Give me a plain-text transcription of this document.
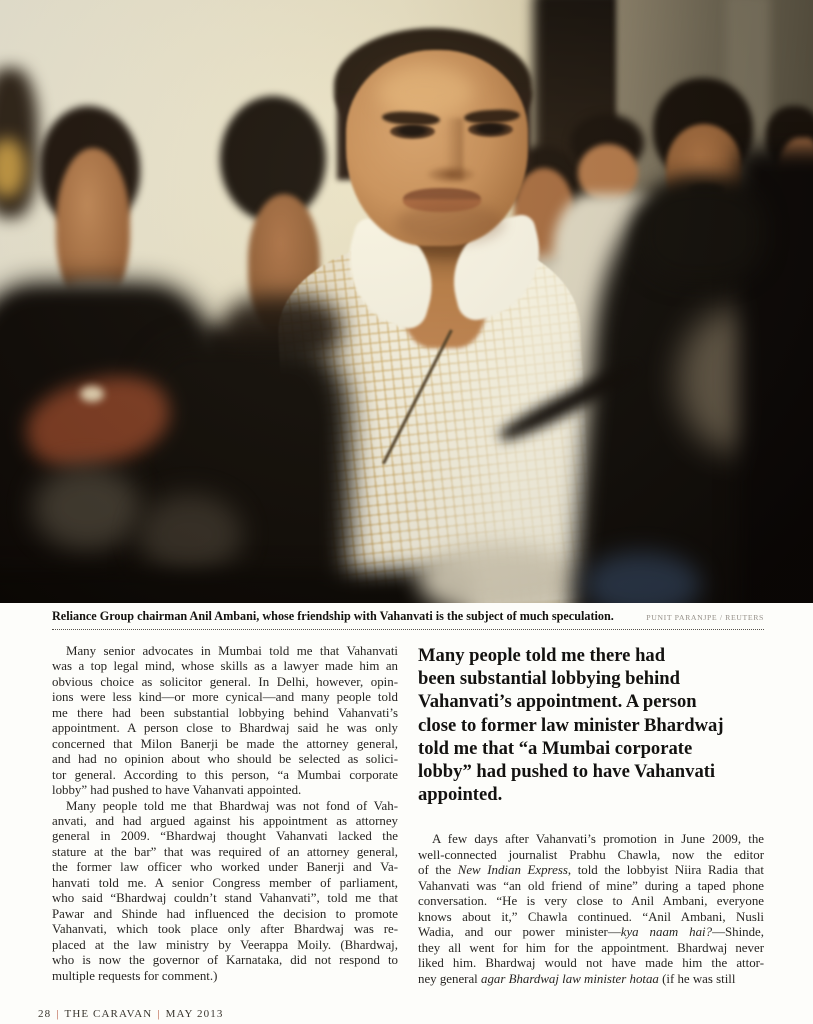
Reliance Group chairman Anil Ambani, whose friendship with Vahanvati is the subject of much speculation.	PUNIT PARANJPE / REUTERS
Many senior advocates in Mumbai told me that Vahanvati
was a top legal mind, whose skills as a lawyer made him an
obvious choice as solicitor general. In Delhi, however, opin-
ions were less kind—or more cynical—and many people told
me there had been substantial lobbying behind Vahanvati’s
appointment. A person close to Bhardwaj said he was only
concerned that Milon Banerji be made the attorney general,
and had no opinion about who should be selected as solici-
tor general. According to this person, “a Mumbai corporate
lobby” had pushed to have Vahanvati appointed.
Many people told me that Bhardwaj was not fond of Vah-
anvati, and had argued against his appointment as attorney
general in 2009. “Bhardwaj thought Vahanvati lacked the
stature at the bar” that was required of an attorney general,
the former law officer who worked under Banerji and Va-
hanvati told me. A senior Congress member of parliament,
who said “Bhardwaj couldn’t stand Vahanvati”, told me that
Pawar and Shinde had influenced the decision to promote
Vahanvati, which took place only after Bhardwaj was re-
placed at the law ministry by Veerappa Moily. (Bhardwaj,
who is now the governor of Karnataka, did not respond to
multiple requests for comment.)
Many people told me there had
been substantial lobbying behind
Vahanvati’s appointment. A person
close to former law minister Bhardwaj
told me that “a Mumbai corporate
lobby” had pushed to have Vahanvati
appointed.
A few days after Vahanvati’s promotion in June 2009, the
well-connected journalist Prabhu Chawla, now the editor
of the New Indian Express, told the lobbyist Niira Radia that
Vahanvati was “an old friend of mine” during a taped phone
conversation. “He is very close to Anil Ambani, everyone
knows about it,” Chawla continued. “Anil Ambani, Nusli
Wadia, and our power minister—kya naam hai?—Shinde,
they all went for him for the appointment. Bhardwaj never
liked him. Bhardwaj would not have made him the attor-
ney general agar Bhardwaj law minister hotaa (if he was still
28 | THE CARAVAN | MAY 2013
